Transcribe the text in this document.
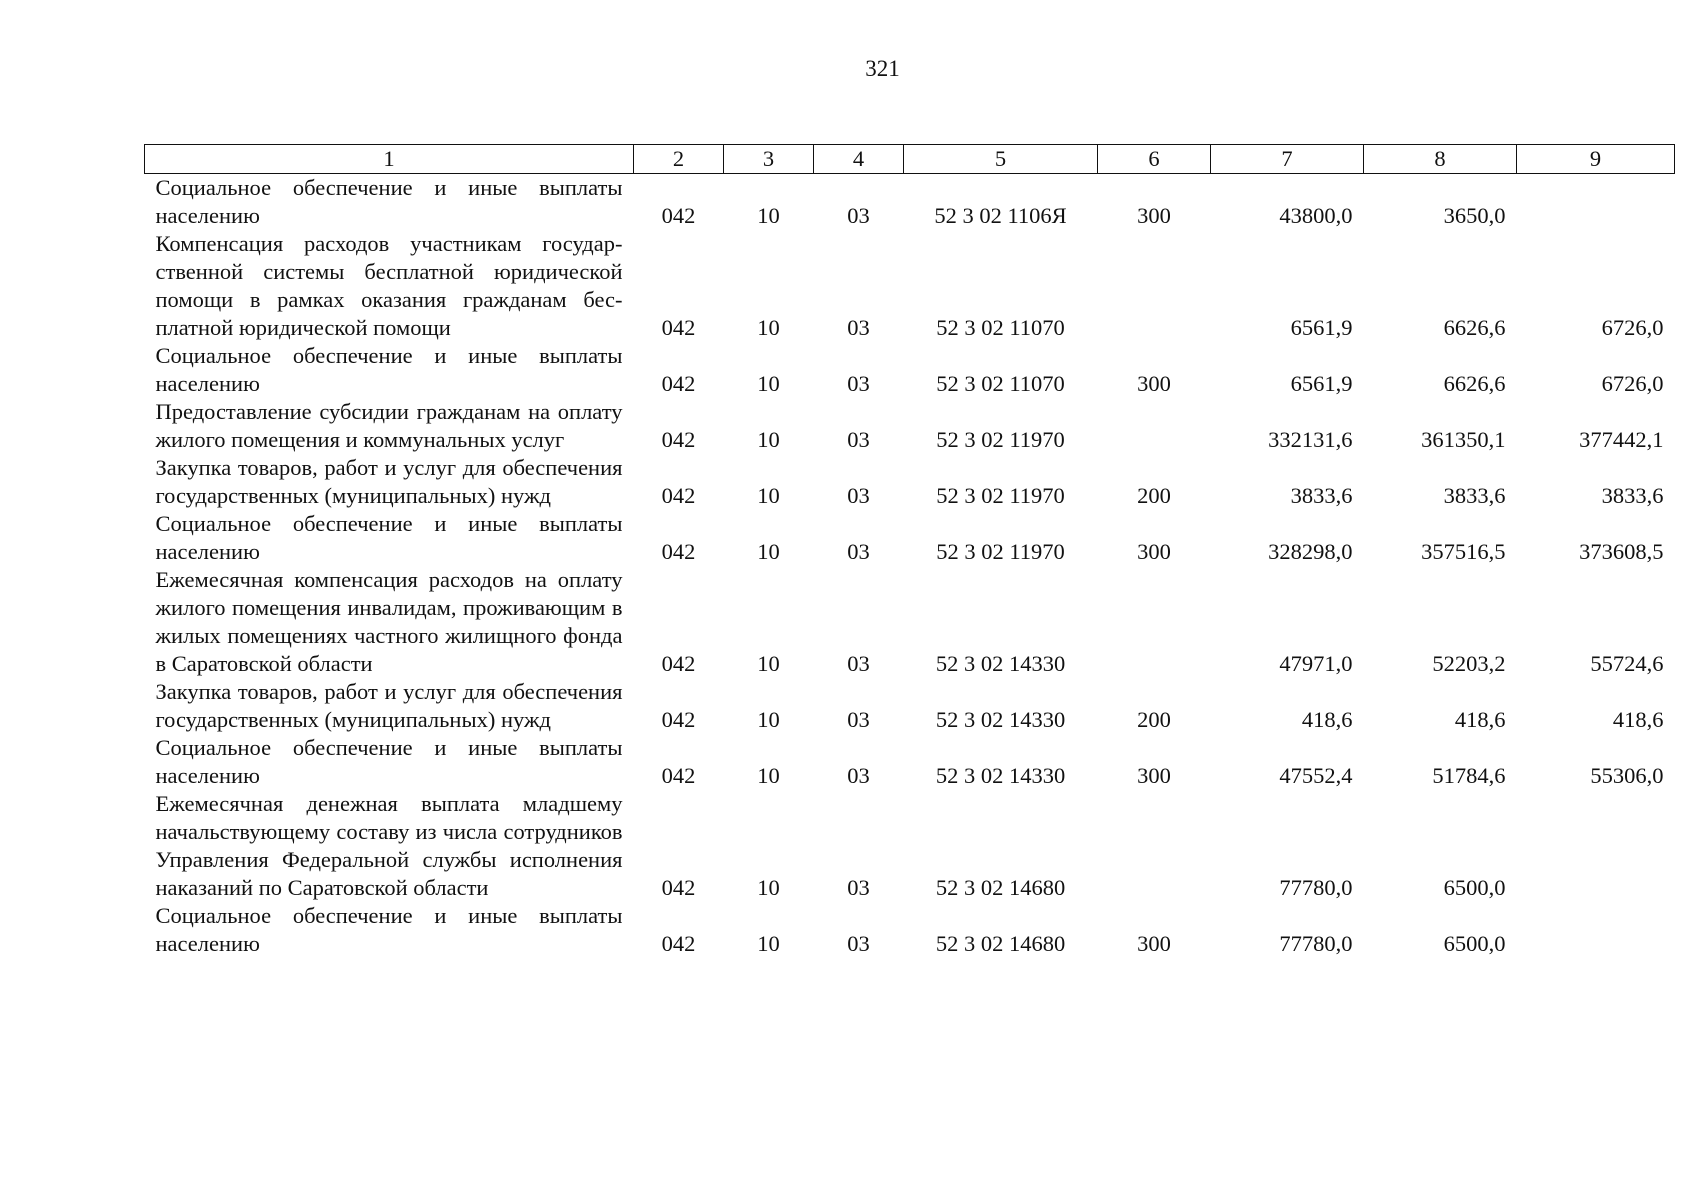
321
1	2	3	4	5	6	7	8	9

Социальное обеспечение и иные выплаты населению	042	10	03	52 3 02 1106Я	300	43800,0	3650,0	

Компенсация расходов участникам государственной системы бесплатной юридической помощи в рамках оказания гражданам бесплатной юридической помощи	042	10	03	52 3 02 11070		6561,9	6626,6	6726,0

Социальное обеспечение и иные выплаты населению	042	10	03	52 3 02 11070	300	6561,9	6626,6	6726,0

Предоставление субсидии гражданам на оплату жилого помещения и коммунальных услуг	042	10	03	52 3 02 11970		332131,6	361350,1	377442,1

Закупка товаров, работ и услуг для обеспечения государственных (муниципальных) нужд	042	10	03	52 3 02 11970	200	3833,6	3833,6	3833,6

Социальное обеспечение и иные выплаты населению	042	10	03	52 3 02 11970	300	328298,0	357516,5	373608,5

Ежемесячная компенсация расходов на оплату жилого помещения инвалидам, проживающим в жилых помещениях частного жилищного фонда в Саратовской области	042	10	03	52 3 02 14330		47971,0	52203,2	55724,6

Закупка товаров, работ и услуг для обеспечения государственных (муниципальных) нужд	042	10	03	52 3 02 14330	200	418,6	418,6	418,6

Социальное обеспечение и иные выплаты населению	042	10	03	52 3 02 14330	300	47552,4	51784,6	55306,0

Ежемесячная денежная выплата младшему начальствующему составу из числа сотрудников Управления Федеральной службы исполнения наказаний по Саратовской области	042	10	03	52 3 02 14680		77780,0	6500,0	

Социальное обеспечение и иные выплаты населению	042	10	03	52 3 02 14680	300	77780,0	6500,0	
